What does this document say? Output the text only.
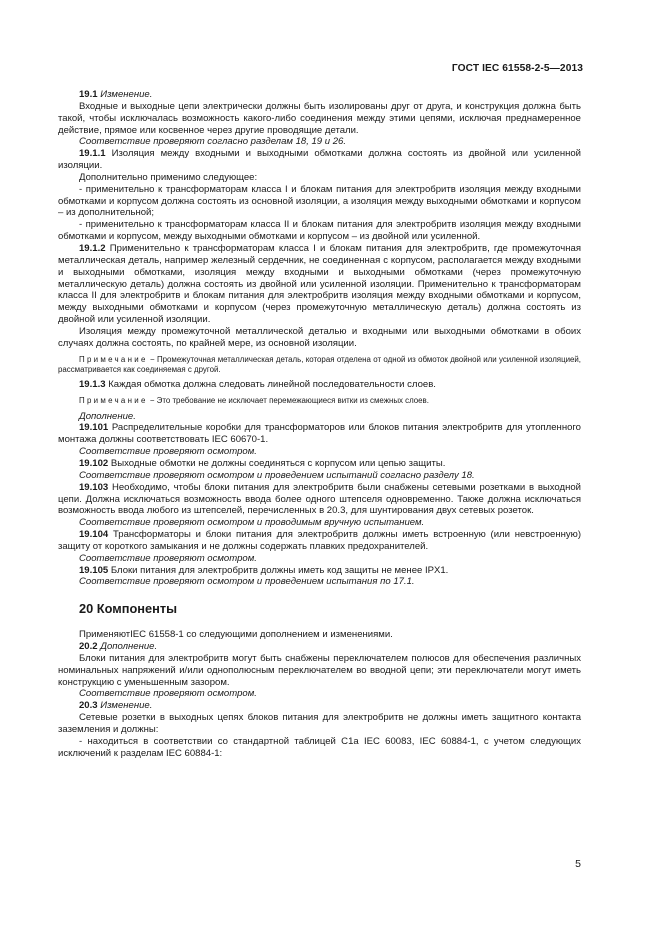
ГОСТ IEC 61558-2-5—2013

19.1 Изменение.

Входные и выходные цепи электрически должны быть изолированы друг от друга, и конструкция должна быть такой, чтобы исключалась возможность какого-либо соединения между этими цепями, исключая преднамеренное действие, прямое или косвенное через другие проводящие детали.

Соответствие проверяют согласно разделам 18, 19 и 26.

19.1.1 Изоляция между входными и выходными обмотками должна состоять из двойной или усиленной изоляции.

Дополнительно применимо следующее:

- применительно к трансформаторам класса I и блокам питания для электробритв изоляция между входными обмотками и корпусом должна состоять из основной изоляции, а изоляция между выходными обмотками и корпусом – из дополнительной;

- применительно к трансформаторам класса II и блокам питания для электробритв изоляция между входными обмотками и корпусом, между выходными обмотками и корпусом – из двойной или усиленной.

19.1.2 Применительно к трансформаторам класса I и блокам питания для электробритв, где промежуточная металлическая деталь, например железный сердечник, не соединенная с корпусом, располагается между входными и выходными обмотками, изоляция между входными и выходными обмотками (через промежуточную металлическую деталь) должна состоять из двойной или усиленной изоляции. Применительно к трансформаторам класса II для электробритв и блокам питания для электробритв изоляция между входными обмотками и корпусом, между выходными обмотками и корпусом (через промежуточную металлическую деталь) должна состоять из двойной или усиленной изоляции.

Изоляция между промежуточной металлической деталью и входными или выходными обмотками в обоих случаях должна состоять, по крайней мере, из основной изоляции.

Примечание − Промежуточная металлическая деталь, которая отделена от одной из обмоток двойной или усиленной изоляцией, рассматривается как соединяемая с другой.

19.1.3 Каждая обмотка должна следовать линейной последовательности слоев.

Примечание − Это требование не исключает перемежающиеся витки из смежных слоев.

Дополнение.

19.101 Распределительные коробки для трансформаторов или блоков питания электробритв для утопленного монтажа должны соответствовать IEC 60670-1.

Соответствие проверяют осмотром.

19.102 Выходные обмотки не должны соединяться с корпусом или цепью защиты.

Соответствие проверяют осмотром и проведением испытаний согласно разделу 18.

19.103 Необходимо, чтобы блоки питания для электробритв были снабжены сетевыми розетками в выходной цепи. Должна исключаться возможность ввода более одного штепселя одновременно. Также должна исключаться возможность ввода любого из штепселей, перечисленных в 20.3, для шунтирования двух сетевых розеток.

Соответствие проверяют осмотром и проводимым вручную испытанием.

19.104 Трансформаторы и блоки питания для электробритв должны иметь встроенную (или невстроенную) защиту от короткого замыкания и не должны содержать плавких предохранителей.

Соответствие проверяют осмотром.

19.105 Блоки питания для электробритв должны иметь код защиты не менее IPX1.

Соответствие проверяют осмотром и проведением испытания по 17.1.

20 Компоненты

ПрименяютIEC 61558-1 со следующими дополнением и изменениями.

20.2 Дополнение.

Блоки питания для электробритв могут быть снабжены переключателем полюсов для обеспечения различных номинальных напряжений и/или однополюсным переключателем во вводной цепи; эти переключатели могут иметь конструкцию с уменьшенным зазором.

Соответствие проверяют осмотром.

20.3 Изменение.

Сетевые розетки в выходных цепях блоков питания для электробритв не должны иметь защитного контакта заземления и должны:

- находиться в соответствии со стандартной таблицей C1a IEC 60083, IEC 60884-1, с учетом следующих исключений к разделам IEC 60884-1:

5
